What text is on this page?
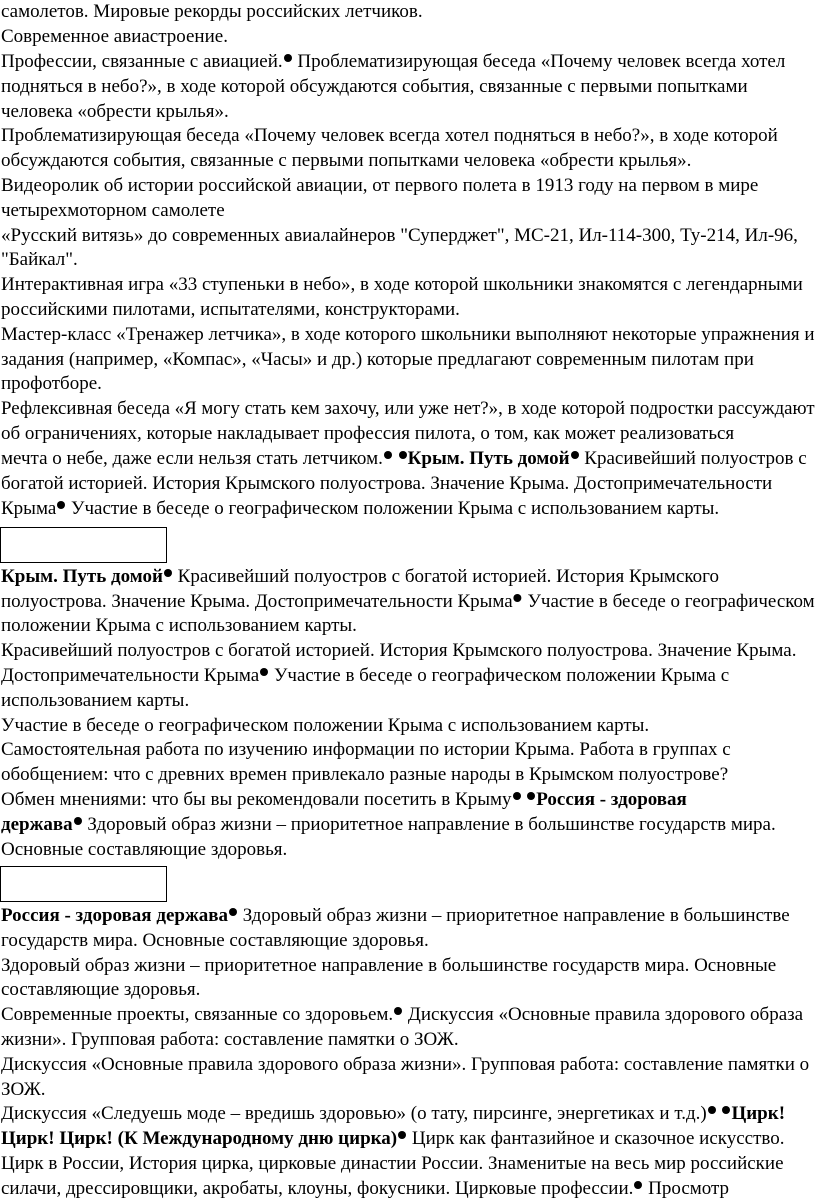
самолетов. Мировые рекорды российских летчиков.
Современное авиастроение.
Профессии, связанные с авиацией. Проблематизирующая беседа «Почему человек всегда хотел
подняться в небо?», в ходе которой обсуждаются события, связанные с первыми попытками
человека «обрести крылья».
Проблематизирующая беседа «Почему человек всегда хотел подняться в небо?», в ходе которой
обсуждаются события, связанные с первыми попытками человека «обрести крылья».
Видеоролик об истории российской авиации, от первого полета в 1913 году на первом в мире
четырехмоторном самолете
«Русский витязь» до современных авиалайнеров "Суперджет", МС-21, Ил-114-300, Ту-214, Ил-96,
"Байкал".
Интерактивная игра «33 ступеньки в небо», в ходе которой школьники знакомятся с легендарными
российскими пилотами, испытателями, конструкторами.
Мастер-класс «Тренажер летчика», в ходе которого школьники выполняют некоторые упражнения и
задания (например, «Компас», «Часы» и др.) которые предлагают современным пилотам при
профотборе.
Рефлексивная беседа «Я могу стать кем захочу, или уже нет?», в ходе которой подростки рассуждают
об ограничениях, которые накладывает профессия пилота, о том, как может реализоваться
мечта о небе, даже если нельзя стать летчиком. Крым. Путь домой Красивейший полуостров с
богатой историей. История Крымского полуострова. Значение Крыма. Достопримечательности
Крыма Участие в беседе о географическом положении Крыма с использованием карты.
Крым. Путь домой Красивейший полуостров с богатой историей. История Крымского
полуострова. Значение Крыма. Достопримечательности Крыма Участие в беседе о географическом
положении Крыма с использованием карты.
Красивейший полуостров с богатой историей. История Крымского полуострова. Значение Крыма.
Достопримечательности Крыма Участие в беседе о географическом положении Крыма с
использованием карты.
Участие в беседе о географическом положении Крыма с использованием карты.
Самостоятельная работа по изучению информации по истории Крыма. Работа в группах с
обобщением: что с древних времен привлекало разные народы в Крымском полуострове?
Обмен мнениями: что бы вы рекомендовали посетить в Крыму Россия - здоровая
держава Здоровый образ жизни – приоритетное направление в большинстве государств мира.
Основные составляющие здоровья.
Россия - здоровая держава Здоровый образ жизни – приоритетное направление в большинстве
государств мира. Основные составляющие здоровья.
Здоровый образ жизни – приоритетное направление в большинстве государств мира. Основные
составляющие здоровья.
Современные проекты, связанные со здоровьем. Дискуссия «Основные правила здорового образа
жизни». Групповая работа: составление памятки о ЗОЖ.
Дискуссия «Основные правила здорового образа жизни». Групповая работа: составление памятки о
ЗОЖ.
Дискуссия «Следуешь моде – вредишь здоровью» (о тату, пирсинге, энергетиках и т.д.) Цирк!
Цирк! Цирк! (К Международному дню цирка) Цирк как фантазийное и сказочное искусство.
Цирк в России, История цирка, цирковые династии России. Знаменитые на весь мир российские
силачи, дрессировщики, акробаты, клоуны, фокусники. Цирковые профессии. Просмотр
